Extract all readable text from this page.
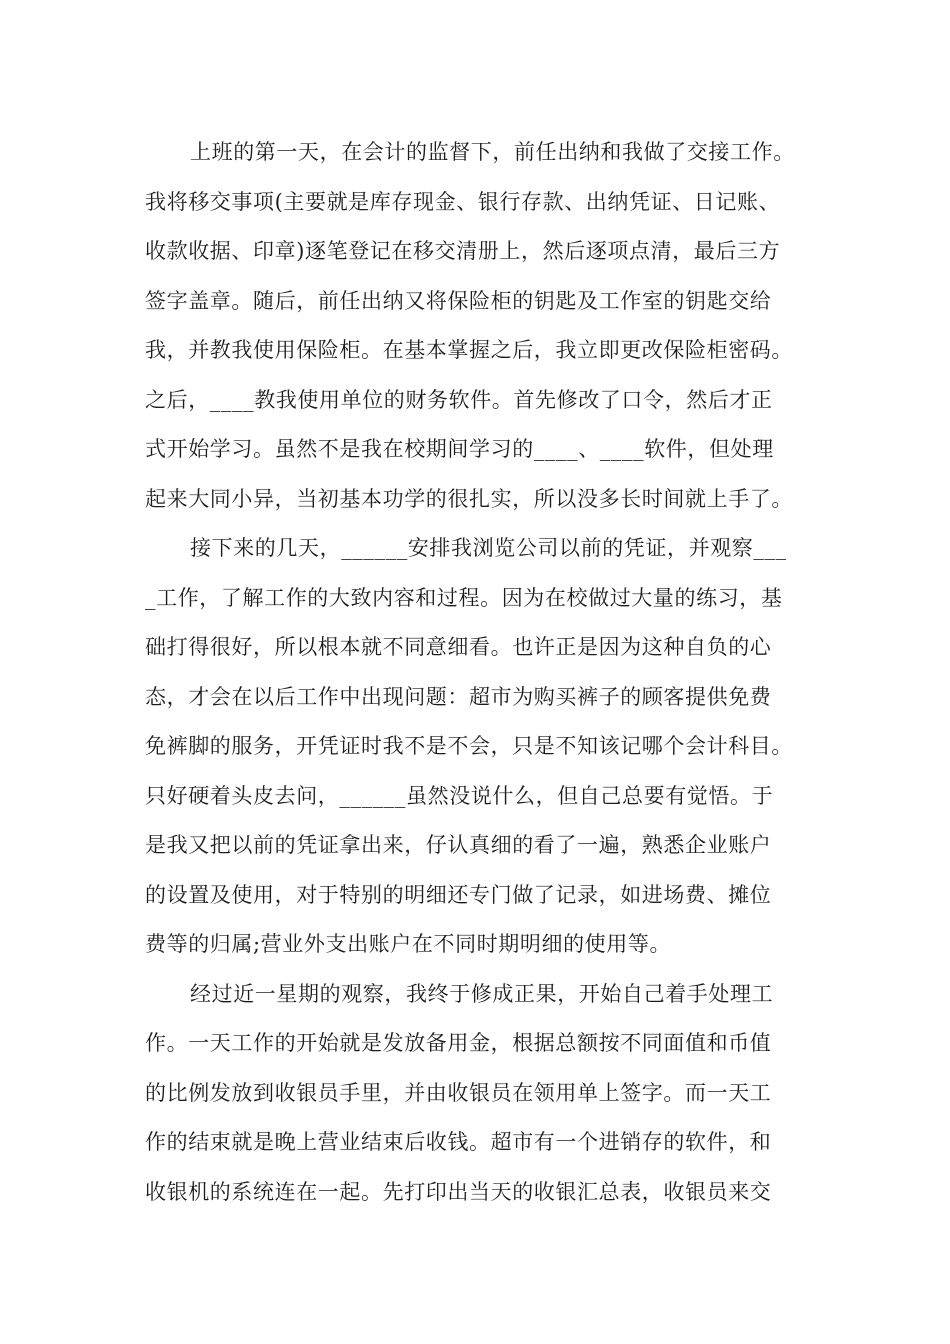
上班的第一天，在会计的监督下，前任出纳和我做了交接工作。
我将移交事项(主要就是库存现金、银行存款、出纳凭证、日记账、
收款收据、印章)逐笔登记在移交清册上，然后逐项点清，最后三方
签字盖章。随后，前任出纳又将保险柜的钥匙及工作室的钥匙交给
我，并教我使用保险柜。在基本掌握之后，我立即更改保险柜密码。
之后，____教我使用单位的财务软件。首先修改了口令，然后才正
式开始学习。虽然不是我在校期间学习的____、____软件，但处理
起来大同小异，当初基本功学的很扎实，所以没多长时间就上手了。
接下来的几天，______安排我浏览公司以前的凭证，并观察___
_工作，了解工作的大致内容和过程。因为在校做过大量的练习，基
础打得很好，所以根本就不同意细看。也许正是因为这种自负的心
态，才会在以后工作中出现问题：超市为购买裤子的顾客提供免费
免裤脚的服务，开凭证时我不是不会，只是不知该记哪个会计科目。
只好硬着头皮去问，______虽然没说什么，但自己总要有觉悟。于
是我又把以前的凭证拿出来，仔认真细的看了一遍，熟悉企业账户
的设置及使用，对于特别的明细还专门做了记录，如进场费、摊位
费等的归属;营业外支出账户在不同时期明细的使用等。
经过近一星期的观察，我终于修成正果，开始自己着手处理工
作。一天工作的开始就是发放备用金，根据总额按不同面值和币值
的比例发放到收银员手里，并由收银员在领用单上签字。而一天工
作的结束就是晚上营业结束后收钱。超市有一个进销存的软件，和
收银机的系统连在一起。先打印出当天的收银汇总表，收银员来交
